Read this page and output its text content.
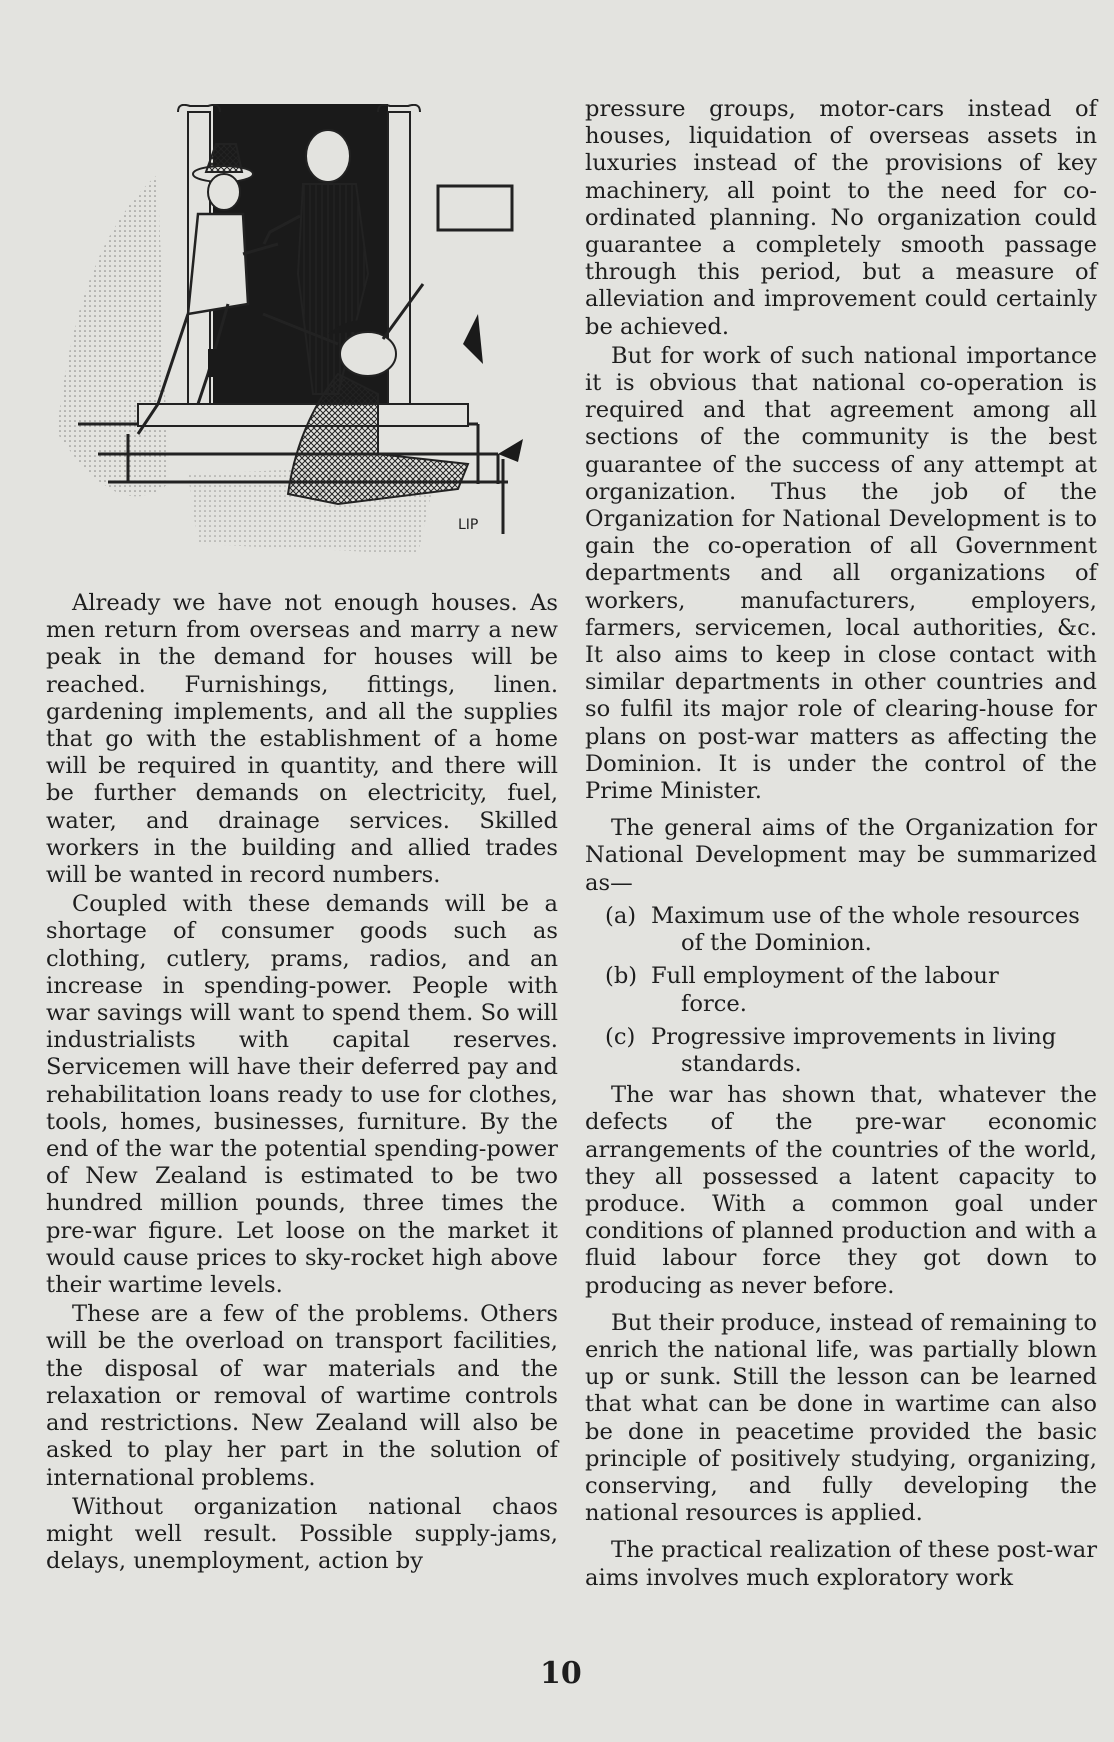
LIP

Already we have not enough houses. As men return from overseas and marry a new peak in the demand for houses will be reached. Furnishings, fittings, linen. gardening implements, and all the supplies that go with the establishment of a home will be required in quantity, and there will be further demands on electricity, fuel, water, and drainage services. Skilled workers in the building and allied trades will be wanted in record numbers.

Coupled with these demands will be a shortage of consumer goods such as clothing, cutlery, prams, radios, and an increase in spending-power. People with war savings will want to spend them. So will industrialists with capital reserves. Servicemen will have their deferred pay and rehabilitation loans ready to use for clothes, tools, homes, businesses, furniture. By the end of the war the potential spending-power of New Zealand is estimated to be two hundred million pounds, three times the pre-war figure. Let loose on the market it would cause prices to sky-rocket high above their wartime levels.

These are a few of the problems. Others will be the overload on transport facilities, the disposal of war materials and the relaxation or removal of wartime controls and restrictions. New Zealand will also be asked to play her part in the solution of international problems.

Without organization national chaos might well result. Possible supply-jams, delays, unemployment, action by

pressure groups, motor-cars instead of houses, liquidation of overseas assets in luxuries instead of the provisions of key machinery, all point to the need for co-ordinated planning. No organization could guarantee a completely smooth passage through this period, but a measure of alleviation and improvement could certainly be achieved.

But for work of such national importance it is obvious that national co-operation is required and that agreement among all sections of the community is the best guarantee of the success of any attempt at organization. Thus the job of the Organization for National Development is to gain the co-operation of all Government departments and all organizations of workers, manufacturers, employers, farmers, servicemen, local authorities, &c. It also aims to keep in close contact with similar departments in other countries and so fulfil its major role of clearing-house for plans on post-war matters as affecting the Dominion. It is under the control of the Prime Minister.

The general aims of the Organization for National Development may be summarized as—

(a) Maximum use of the whole resources
of the Dominion.
(b) Full employment of the labour
force.
(c) Progressive improvements in living
standards.

The war has shown that, whatever the defects of the pre-war economic arrangements of the countries of the world, they all possessed a latent capacity to produce. With a common goal under conditions of planned production and with a fluid labour force they got down to producing as never before.

But their produce, instead of remaining to enrich the national life, was partially blown up or sunk. Still the lesson can be learned that what can be done in wartime can also be done in peacetime provided the basic principle of positively studying, organizing, conserving, and fully developing the national resources is applied.

The practical realization of these post-war aims involves much exploratory work

10
